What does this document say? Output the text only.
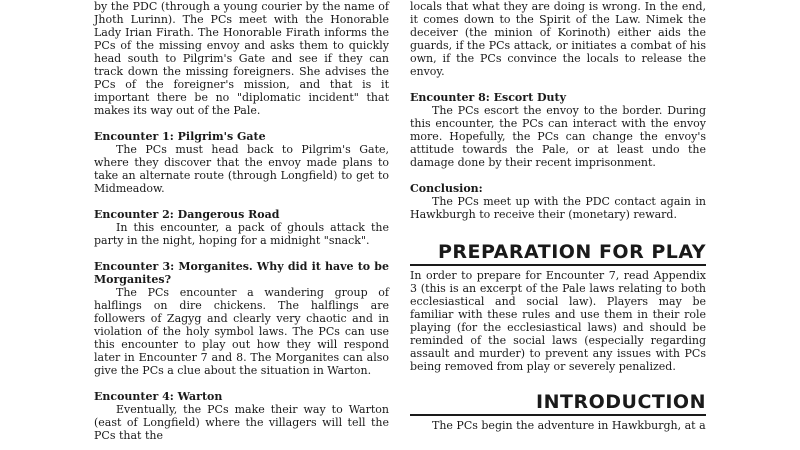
by the PDC (through a young courier by the name of Jhoth Lurinn). The PCs meet with the Honorable Lady Irian Firath. The Honorable Firath informs the PCs of the missing envoy and asks them to quickly head south to Pilgrim's Gate and see if they can track down the missing foreigners. She advises the PCs of the foreigner's mission, and that is it important there be no "diplomatic incident" that makes its way out of the Pale.

Encounter 1: Pilgrim's Gate

The PCs must head back to Pilgrim's Gate, where they discover that the envoy made plans to take an alternate route (through Longfield) to get to Midmeadow.

Encounter 2: Dangerous Road

In this encounter, a pack of ghouls attack the party in the night, hoping for a midnight "snack".

Encounter 3: Morganites. Why did it have to be Morganites?

The PCs encounter a wandering group of halflings on dire chickens. The halflings are followers of Zagyg and clearly very chaotic and in violation of the holy symbol laws. The PCs can use this encounter to play out how they will respond later in Encounter 7 and 8. The Morganites can also give the PCs a clue about the situation in Warton.

Encounter 4: Warton

Eventually, the PCs make their way to Warton (east of Longfield) where the villagers will tell the PCs that the

locals that what they are doing is wrong. In the end, it comes down to the Spirit of the Law. Nimek the deceiver (the minion of Korinoth) either aids the guards, if the PCs attack, or initiates a combat of his own, if the PCs convince the locals to release the envoy.

Encounter 8: Escort Duty

The PCs escort the envoy to the border. During this encounter, the PCs can interact with the envoy more. Hopefully, the PCs can change the envoy's attitude towards the Pale, or at least undo the damage done by their recent imprisonment.

Conclusion:

The PCs meet up with the PDC contact again in Hawkburgh to receive their (monetary) reward.

PREPARATION FOR PLAY

In order to prepare for Encounter 7, read Appendix 3 (this is an excerpt of the Pale laws relating to both ecclesiastical and social law). Players may be familiar with these rules and use them in their role playing (for the ecclesiastical laws) and should be reminded of the social laws (especially regarding assault and murder) to prevent any issues with PCs being removed from play or severely penalized.

INTRODUCTION

The PCs begin the adventure in Hawkburgh, at a
